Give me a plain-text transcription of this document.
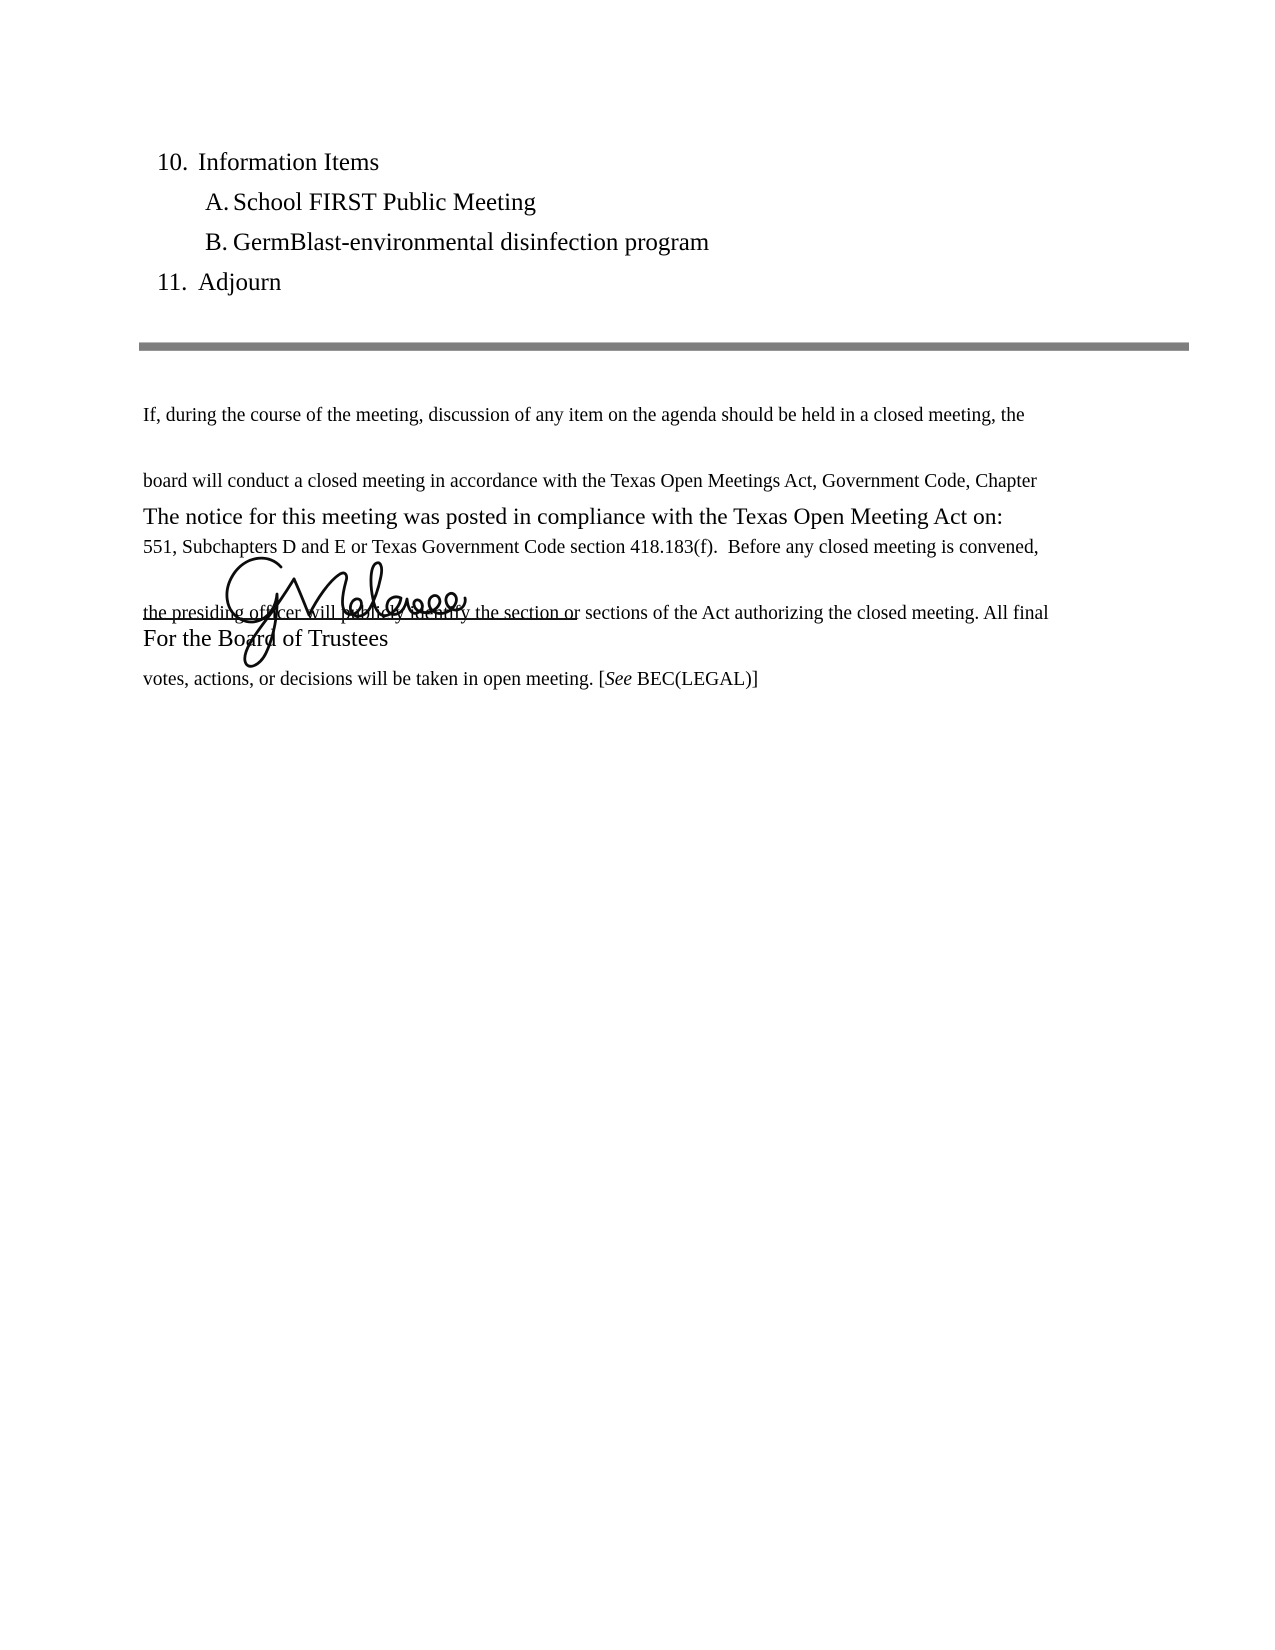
10. Information Items
A. School FIRST Public Meeting
B. GermBlast-environmental disinfection program
11. Adjourn

If, during the course of the meeting, discussion of any item on the agenda should be held in a closed meeting, the

board will conduct a closed meeting in accordance with the Texas Open Meetings Act, Government Code, Chapter

551, Subchapters D and E or Texas Government Code section 418.183(f).  Before any closed meeting is convened,

the presiding officer will publicly identify the section or sections of the Act authorizing the closed meeting. All final

votes, actions, or decisions will be taken in open meeting. [See BEC(LEGAL)]

The notice for this meeting was posted in compliance with the Texas Open Meeting Act on:
For the Board of Trustees
